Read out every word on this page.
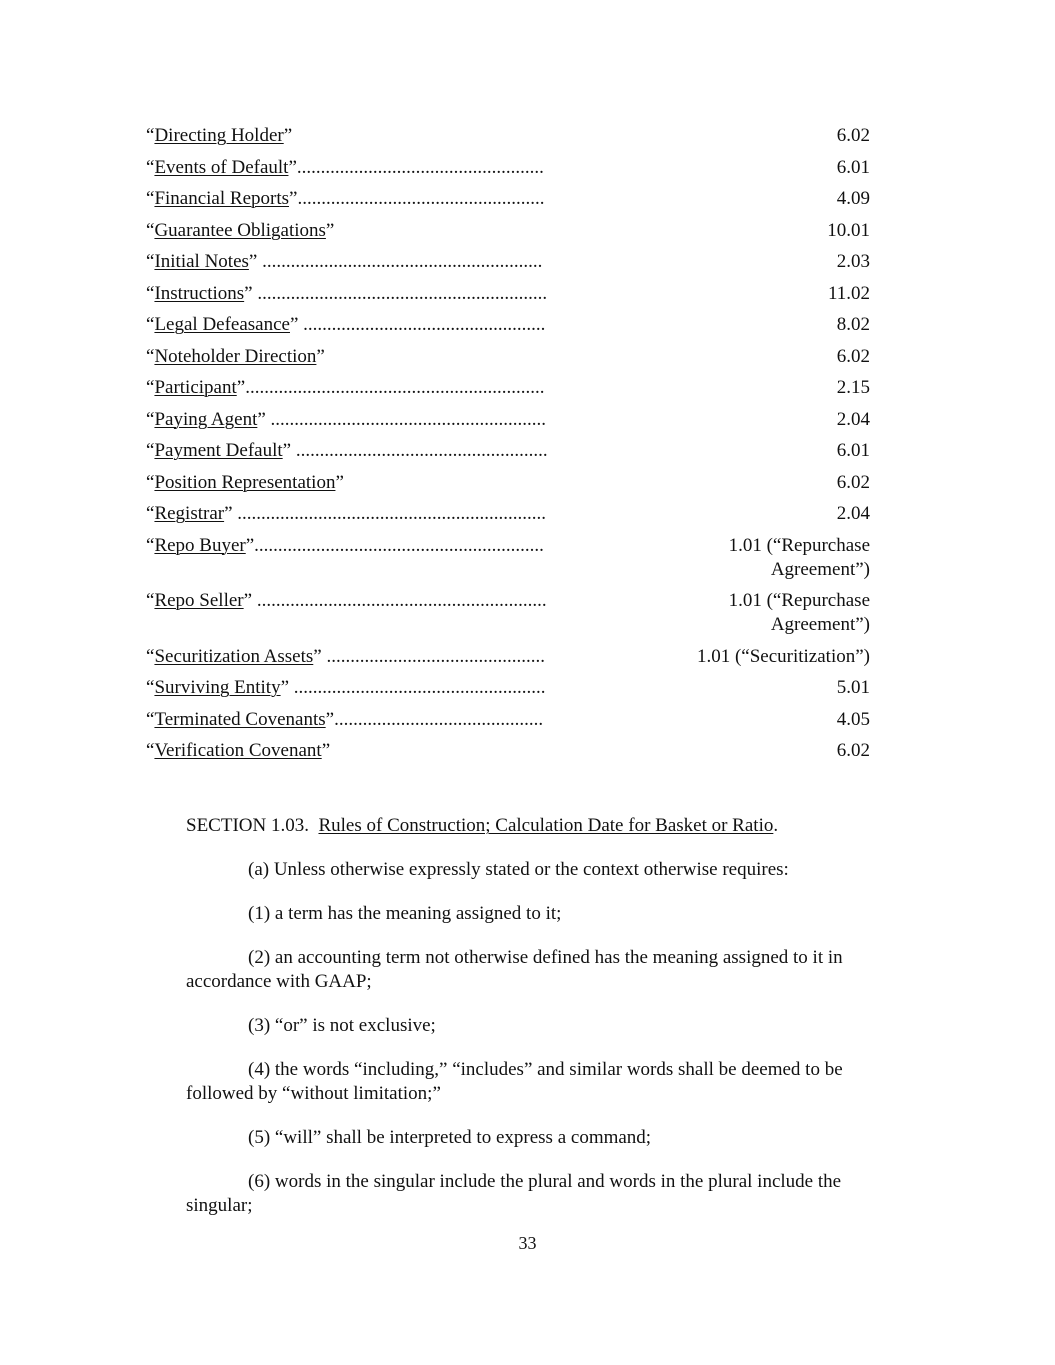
“Directing Holder”	6.02
“Events of Default”....................................................	6.01
“Financial Reports”....................................................	4.09
“Guarantee Obligations”	10.01
“Initial Notes” ...........................................................	2.03
“Instructions” .............................................................	11.02
“Legal Defeasance” ...................................................	8.02
“Noteholder Direction”	6.02
“Participant”...............................................................	2.15
“Paying Agent” ..........................................................	2.04
“Payment Default” .....................................................	6.01
“Position Representation”	6.02
“Registrar” .................................................................	2.04
“Repo Buyer”.............................................................	1.01 (“Repurchase Agreement”)
“Repo Seller” .............................................................	1.01 (“Repurchase Agreement”)
“Securitization Assets” ..............................................	1.01 (“Securitization”)
“Surviving Entity” .....................................................	5.01
“Terminated Covenants”............................................	4.05
“Verification Covenant”	6.02

SECTION 1.03.  Rules of Construction; Calculation Date for Basket or Ratio.

(a) Unless otherwise expressly stated or the context otherwise requires:

(1) a term has the meaning assigned to it;

(2) an accounting term not otherwise defined has the meaning assigned to it in accordance with GAAP;

(3) “or” is not exclusive;

(4) the words “including,” “includes” and similar words shall be deemed to be followed by “without limitation;”

(5) “will” shall be interpreted to express a command;

(6) words in the singular include the plural and words in the plural include the singular;

33
